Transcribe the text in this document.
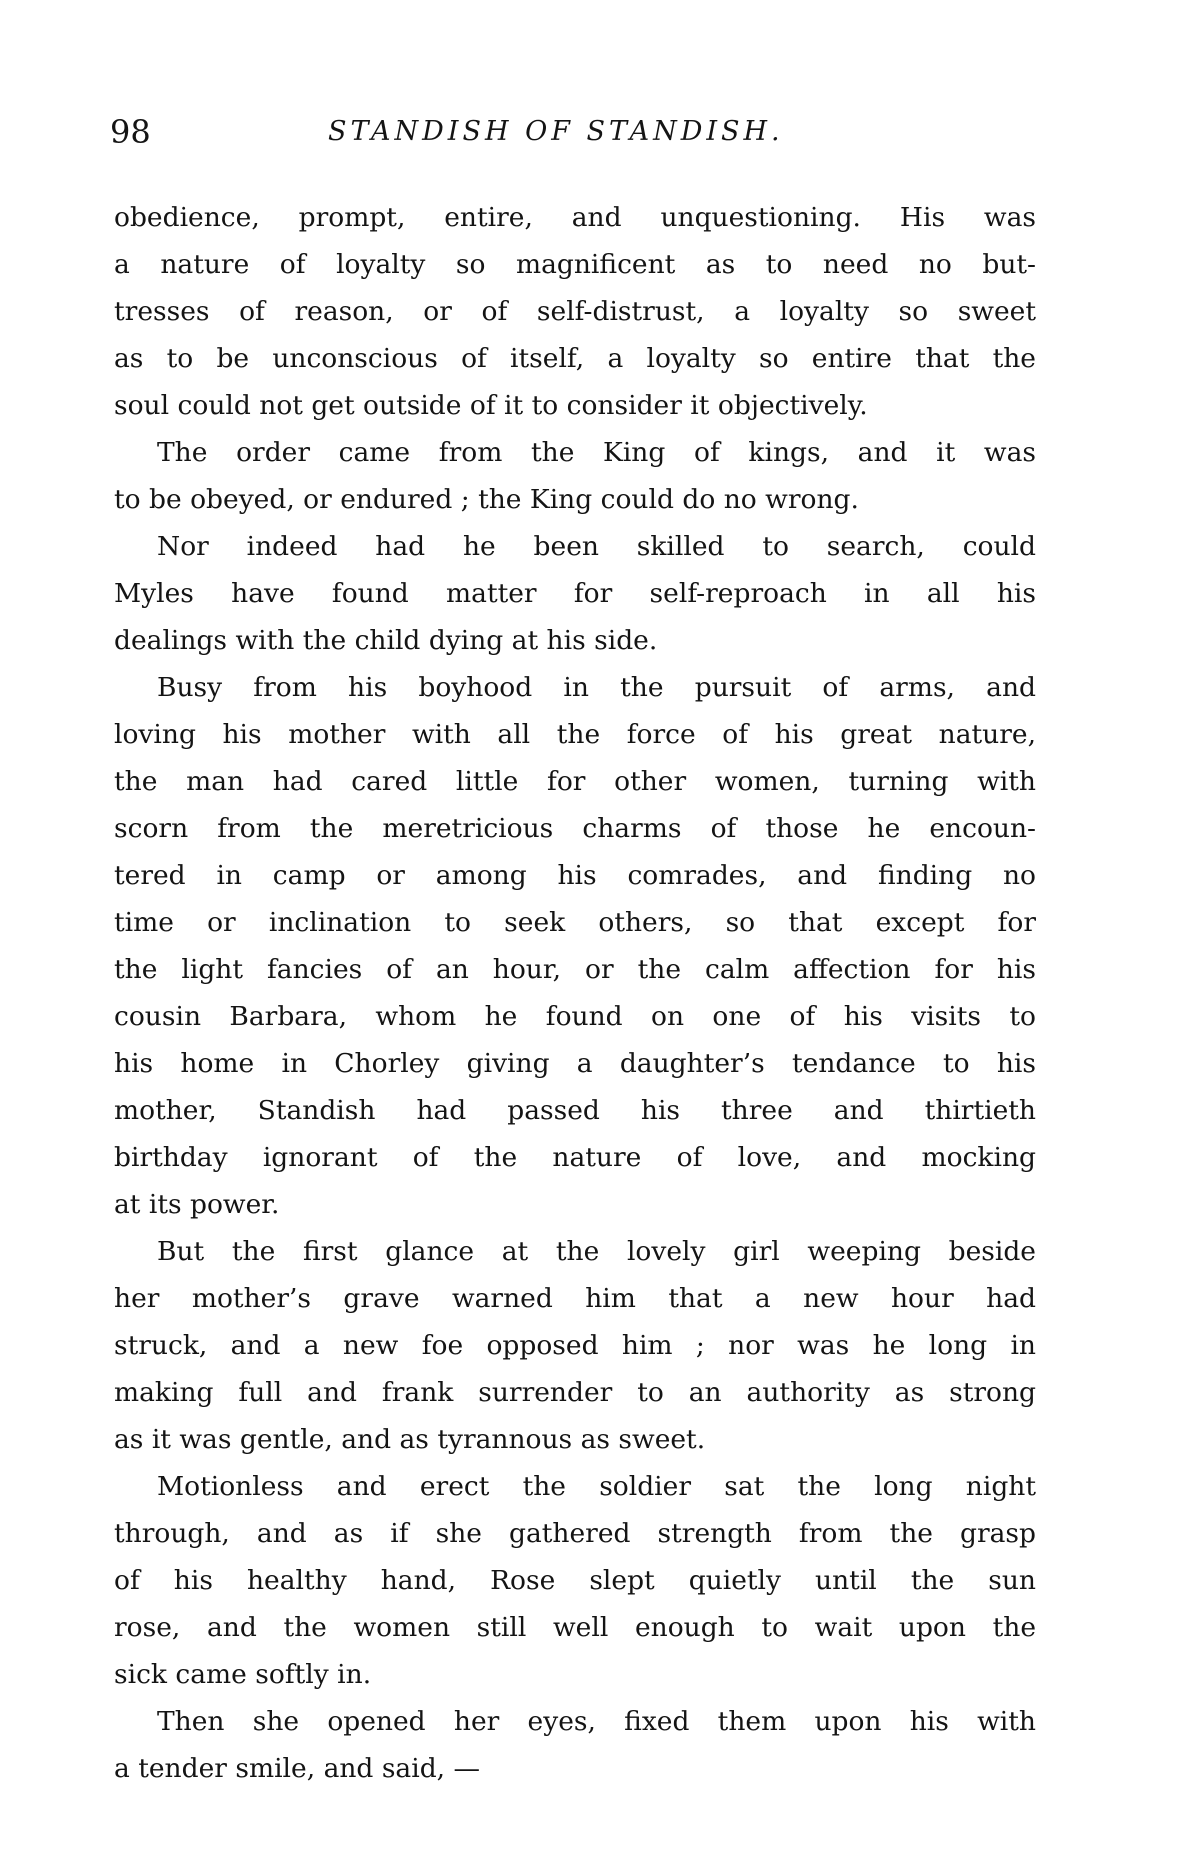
98	STANDISH OF STANDISH.
obedience, prompt, entire, and unquestioning. His was
a nature of loyalty so magnificent as to need no but-
tresses of reason, or of self-distrust, a loyalty so sweet
as to be unconscious of itself, a loyalty so entire that the
soul could not get outside of it to consider it objectively.
The order came from the King of kings, and it was
to be obeyed, or endured ; the King could do no wrong.
Nor indeed had he been skilled to search, could
Myles have found matter for self-reproach in all his
dealings with the child dying at his side.
Busy from his boyhood in the pursuit of arms, and
loving his mother with all the force of his great nature,
the man had cared little for other women, turning with
scorn from the meretricious charms of those he encoun-
tered in camp or among his comrades, and finding no
time or inclination to seek others, so that except for
the light fancies of an hour, or the calm affection for his
cousin Barbara, whom he found on one of his visits to
his home in Chorley giving a daughter’s tendance to his
mother, Standish had passed his three and thirtieth
birthday ignorant of the nature of love, and mocking
at its power.
But the first glance at the lovely girl weeping beside
her mother’s grave warned him that a new hour had
struck, and a new foe opposed him ; nor was he long in
making full and frank surrender to an authority as strong
as it was gentle, and as tyrannous as sweet.
Motionless and erect the soldier sat the long night
through, and as if she gathered strength from the grasp
of his healthy hand, Rose slept quietly until the sun
rose, and the women still well enough to wait upon the
sick came softly in.
Then she opened her eyes, fixed them upon his with
a tender smile, and said, —
